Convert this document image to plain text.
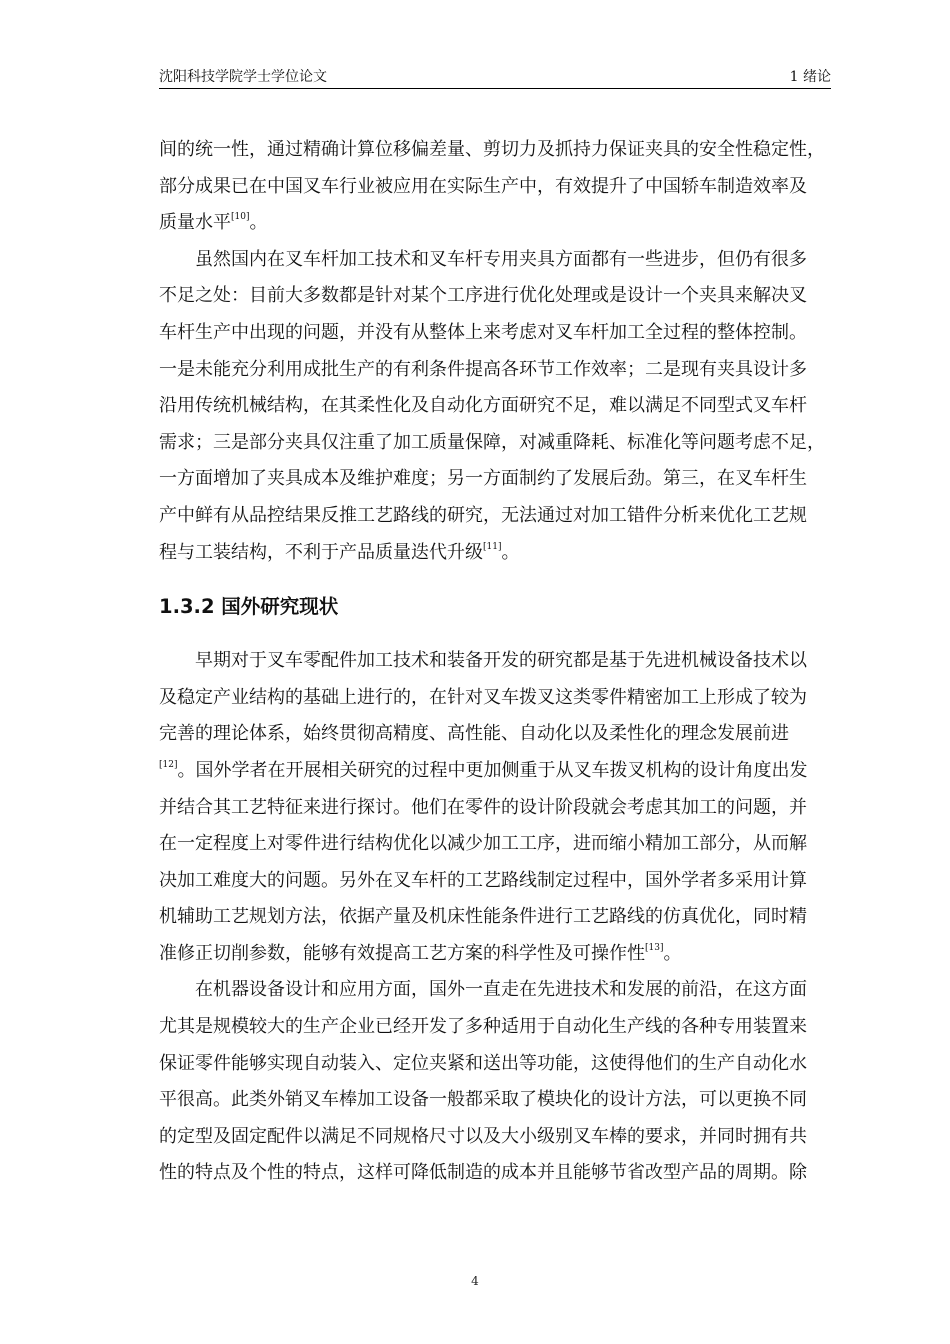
沈阳科技学院学士学位论文	1 绪论

间的统一性，通过精确计算位移偏差量、剪切力及抓持力保证夹具的安全性稳定性，
部分成果已在中国叉车行业被应用在实际生产中，有效提升了中国轿车制造效率及
质量水平[10]。

　　虽然国内在叉车杆加工技术和叉车杆专用夹具方面都有一些进步，但仍有很多
不足之处：目前大多数都是针对某个工序进行优化处理或是设计一个夹具来解决叉
车杆生产中出现的问题，并没有从整体上来考虑对叉车杆加工全过程的整体控制。
一是未能充分利用成批生产的有利条件提高各环节工作效率；二是现有夹具设计多
沿用传统机械结构，在其柔性化及自动化方面研究不足，难以满足不同型式叉车杆
需求；三是部分夹具仅注重了加工质量保障，对减重降耗、标准化等问题考虑不足，
一方面增加了夹具成本及维护难度；另一方面制约了发展后劲。第三，在叉车杆生
产中鲜有从品控结果反推工艺路线的研究，无法通过对加工错件分析来优化工艺规
程与工装结构，不利于产品质量迭代升级[11]。

1.3.2 国外研究现状

　　早期对于叉车零配件加工技术和装备开发的研究都是基于先进机械设备技术以
及稳定产业结构的基础上进行的，在针对叉车拨叉这类零件精密加工上形成了较为
完善的理论体系，始终贯彻高精度、高性能、自动化以及柔性化的理念发展前进
[12]。国外学者在开展相关研究的过程中更加侧重于从叉车拨叉机构的设计角度出发
并结合其工艺特征来进行探讨。他们在零件的设计阶段就会考虑其加工的问题，并
在一定程度上对零件进行结构优化以减少加工工序，进而缩小精加工部分，从而解
决加工难度大的问题。另外在叉车杆的工艺路线制定过程中，国外学者多采用计算
机辅助工艺规划方法，依据产量及机床性能条件进行工艺路线的仿真优化，同时精
准修正切削参数，能够有效提高工艺方案的科学性及可操作性[13]。

　　在机器设备设计和应用方面，国外一直走在先进技术和发展的前沿，在这方面
尤其是规模较大的生产企业已经开发了多种适用于自动化生产线的各种专用装置来
保证零件能够实现自动装入、定位夹紧和送出等功能，这使得他们的生产自动化水
平很高。此类外销叉车棒加工设备一般都采取了模块化的设计方法，可以更换不同
的定型及固定配件以满足不同规格尺寸以及大小级别叉车棒的要求，并同时拥有共
性的特点及个性的特点，这样可降低制造的成本并且能够节省改型产品的周期。除

4
